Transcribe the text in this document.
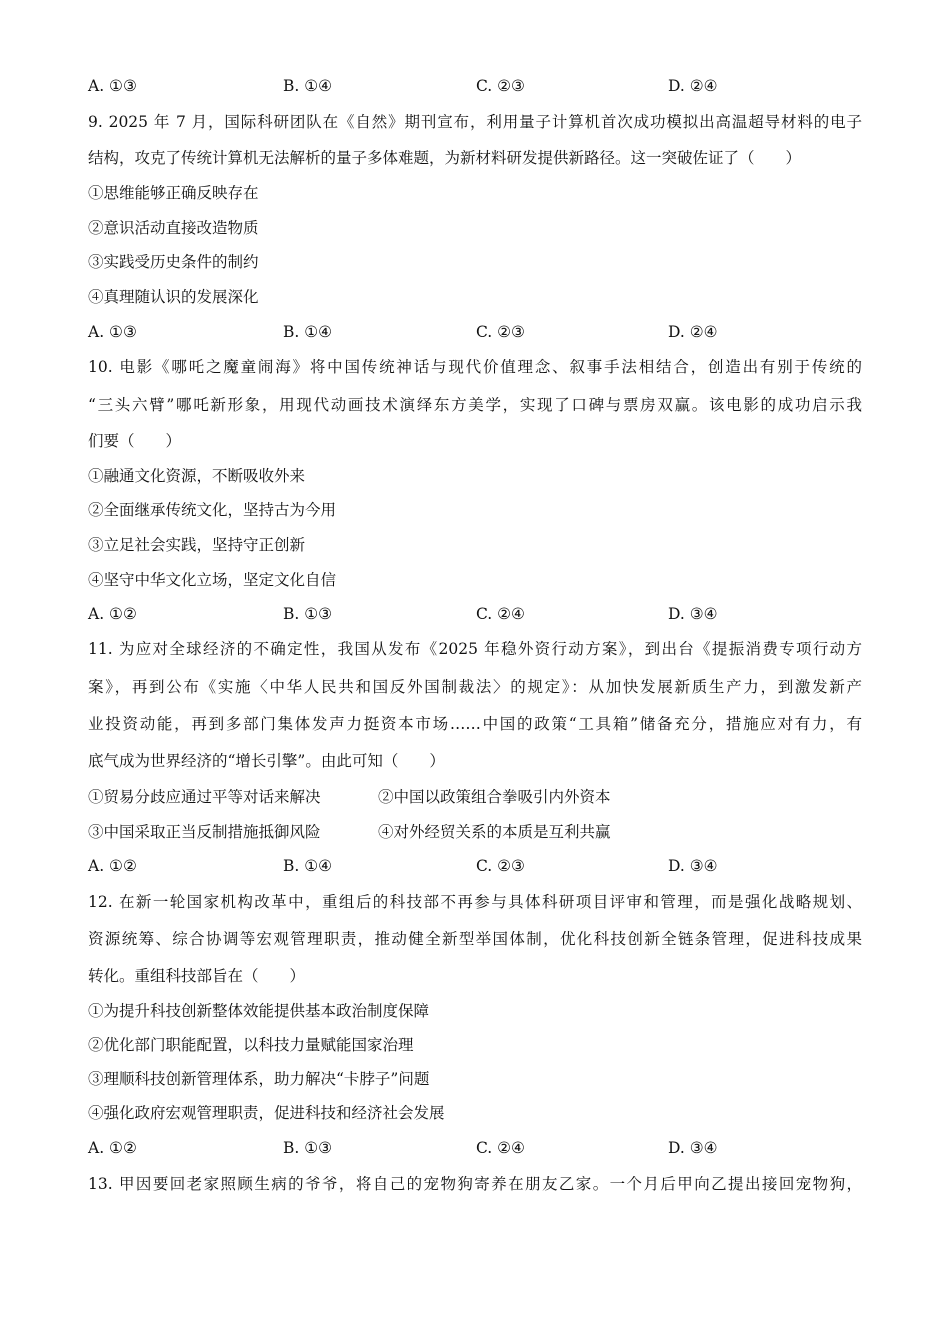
A. ①③	B. ①④	C. ②③	D. ②④
9. 2025 年 7 月，国际科研团队在《自然》期刊宣布，利用量子计算机首次成功模拟出高温超导材料的电子
结构，攻克了传统计算机无法解析的量子多体难题，为新材料研发提供新路径。这一突破佐证了（　　）
①思维能够正确反映存在
②意识活动直接改造物质
③实践受历史条件的制约
④真理随认识的发展深化
A. ①③	B. ①④	C. ②③	D. ②④
10. 电影《哪吒之魔童闹海》将中国传统神话与现代价值理念、叙事手法相结合，创造出有别于传统的
“三头六臂”哪吒新形象，用现代动画技术演绎东方美学，实现了口碑与票房双赢。该电影的成功启示我
们要（　　）
①融通文化资源，不断吸收外来
②全面继承传统文化，坚持古为今用
③立足社会实践，坚持守正创新
④坚守中华文化立场，坚定文化自信
A. ①②	B. ①③	C. ②④	D. ③④
11. 为应对全球经济的不确定性，我国从发布《2025 年稳外资行动方案》，到出台《提振消费专项行动方
案》，再到公布《实施〈中华人民共和国反外国制裁法〉的规定》：从加快发展新质生产力，到激发新产
业投资动能，再到多部门集体发声力挺资本市场……中国的政策“工具箱”储备充分，措施应对有力，有
底气成为世界经济的“增长引擎”。由此可知（　　）
①贸易分歧应通过平等对话来解决	②中国以政策组合拳吸引内外资本
③中国采取正当反制措施抵御风险	④对外经贸关系的本质是互利共赢
A. ①②	B. ①④	C. ②③	D. ③④
12. 在新一轮国家机构改革中，重组后的科技部不再参与具体科研项目评审和管理，而是强化战略规划、
资源统筹、综合协调等宏观管理职责，推动健全新型举国体制，优化科技创新全链条管理，促进科技成果
转化。重组科技部旨在（　　）
①为提升科技创新整体效能提供基本政治制度保障
②优化部门职能配置，以科技力量赋能国家治理
③理顺科技创新管理体系，助力解决“卡脖子”问题
④强化政府宏观管理职责，促进科技和经济社会发展
A. ①②	B. ①③	C. ②④	D. ③④
13. 甲因要回老家照顾生病的爷爷，将自己的宠物狗寄养在朋友乙家。一个月后甲向乙提出接回宠物狗，
